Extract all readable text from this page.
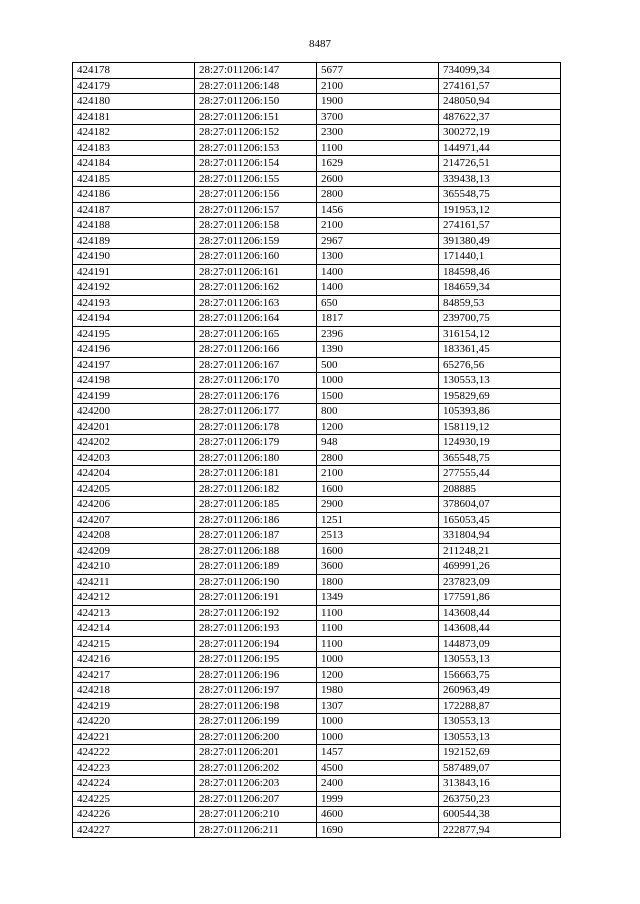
8487
424178	28:27:011206:147	5677	734099,34
424179	28:27:011206:148	2100	274161,57
424180	28:27:011206:150	1900	248050,94
424181	28:27:011206:151	3700	487622,37
424182	28:27:011206:152	2300	300272,19
424183	28:27:011206:153	1100	144971,44
424184	28:27:011206:154	1629	214726,51
424185	28:27:011206:155	2600	339438,13
424186	28:27:011206:156	2800	365548,75
424187	28:27:011206:157	1456	191953,12
424188	28:27:011206:158	2100	274161,57
424189	28:27:011206:159	2967	391380,49
424190	28:27:011206:160	1300	171440,1
424191	28:27:011206:161	1400	184598,46
424192	28:27:011206:162	1400	184659,34
424193	28:27:011206:163	650	84859,53
424194	28:27:011206:164	1817	239700,75
424195	28:27:011206:165	2396	316154,12
424196	28:27:011206:166	1390	183361,45
424197	28:27:011206:167	500	65276,56
424198	28:27:011206:170	1000	130553,13
424199	28:27:011206:176	1500	195829,69
424200	28:27:011206:177	800	105393,86
424201	28:27:011206:178	1200	158119,12
424202	28:27:011206:179	948	124930,19
424203	28:27:011206:180	2800	365548,75
424204	28:27:011206:181	2100	277555,44
424205	28:27:011206:182	1600	208885
424206	28:27:011206:185	2900	378604,07
424207	28:27:011206:186	1251	165053,45
424208	28:27:011206:187	2513	331804,94
424209	28:27:011206:188	1600	211248,21
424210	28:27:011206:189	3600	469991,26
424211	28:27:011206:190	1800	237823,09
424212	28:27:011206:191	1349	177591,86
424213	28:27:011206:192	1100	143608,44
424214	28:27:011206:193	1100	143608,44
424215	28:27:011206:194	1100	144873,09
424216	28:27:011206:195	1000	130553,13
424217	28:27:011206:196	1200	156663,75
424218	28:27:011206:197	1980	260963,49
424219	28:27:011206:198	1307	172288,87
424220	28:27:011206:199	1000	130553,13
424221	28:27:011206:200	1000	130553,13
424222	28:27:011206:201	1457	192152,69
424223	28:27:011206:202	4500	587489,07
424224	28:27:011206:203	2400	313843,16
424225	28:27:011206:207	1999	263750,23
424226	28:27:011206:210	4600	600544,38
424227	28:27:011206:211	1690	222877,94
